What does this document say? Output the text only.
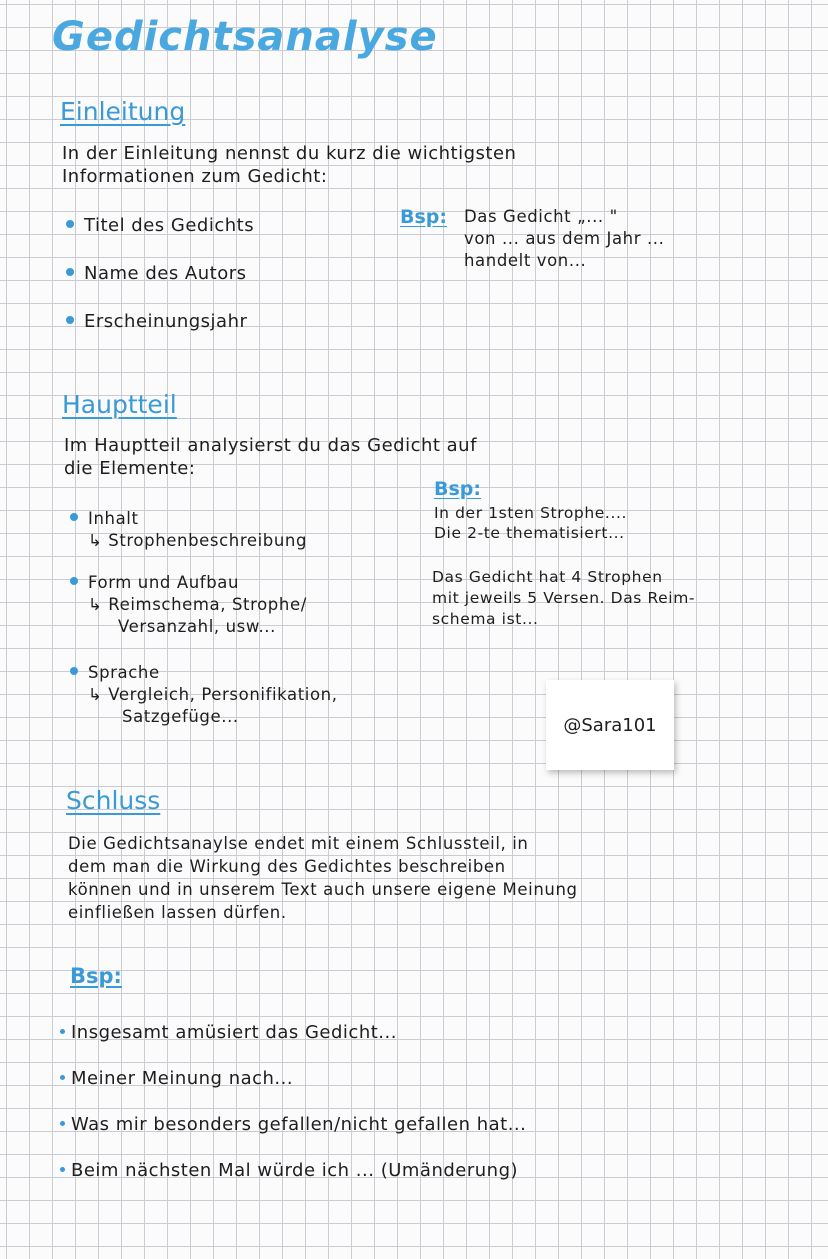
Gedichtsanalyse
Einleitung
In der Einleitung nennst du kurz die wichtigsten
Informationen zum Gedicht:
Titel des Gedichts
Name des Autors
Erscheinungsjahr
Bsp: Das Gedicht „... "
von ... aus dem Jahr ...
handelt von...
Hauptteil
Im Hauptteil analysierst du das Gedicht auf
die Elemente:
Inhalt
↳ Strophenbeschreibung
Form und Aufbau
↳ Reimschema, Strophe/
Versanzahl, usw...
Sprache
↳ Vergleich, Personifikation,
Satzgefüge...
Bsp:
In der 1sten Strophe....
Die 2-te thematisiert...
Das Gedicht hat 4 Strophen
mit jeweils 5 Versen. Das Reim-
schema ist...
@Sara101
Schluss
Die Gedichtsanaylse endet mit einem Schlussteil, in
dem man die Wirkung des Gedichtes beschreiben
können und in unserem Text auch unsere eigene Meinung
einfließen lassen dürfen.
Bsp:
Insgesamt amüsiert das Gedicht...
Meiner Meinung nach...
Was mir besonders gefallen/nicht gefallen hat...
Beim nächsten Mal würde ich ... (Umänderung)
